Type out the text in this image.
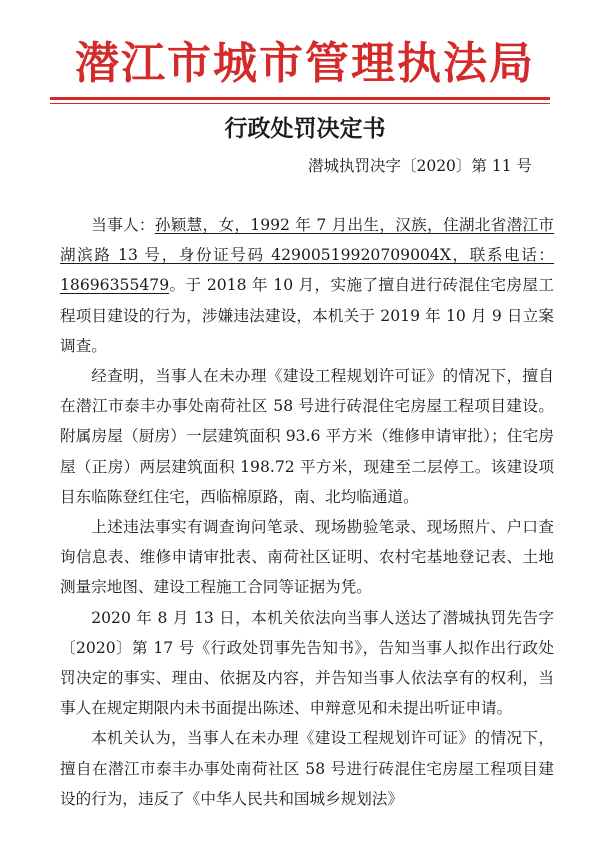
潜江市城市管理执法局
行政处罚决定书
潜城执罚决字〔2020〕第 11 号

当事人：孙颖慧，女，1992 年 7 月出生，汉族，住湖北省潜江市湖滨路 13 号，身份证号码 42900519920709004X，联系电话：18696355479。于 2018 年 10 月，实施了擅自进行砖混住宅房屋工程项目建设的行为，涉嫌违法建设，本机关于 2019 年 10 月 9 日立案调查。

经查明，当事人在未办理《建设工程规划许可证》的情况下，擅自在潜江市泰丰办事处南荷社区 58 号进行砖混住宅房屋工程项目建设。附属房屋（厨房）一层建筑面积 93.6 平方米（维修申请审批）；住宅房屋（正房）两层建筑面积 198.72 平方米，现建至二层停工。该建设项目东临陈登红住宅，西临棉原路，南、北均临通道。

上述违法事实有调查询问笔录、现场勘验笔录、现场照片、户口查询信息表、维修申请审批表、南荷社区证明、农村宅基地登记表、土地测量宗地图、建设工程施工合同等证据为凭。

2020 年 8 月 13 日，本机关依法向当事人送达了潜城执罚先告字〔2020〕第 17 号《行政处罚事先告知书》，告知当事人拟作出行政处罚决定的事实、理由、依据及内容，并告知当事人依法享有的权利，当事人在规定期限内未书面提出陈述、申辩意见和未提出听证申请。

本机关认为，当事人在未办理《建设工程规划许可证》的情况下，擅自在潜江市泰丰办事处南荷社区 58 号进行砖混住宅房屋工程项目建设的行为，违反了《中华人民共和国城乡规划法》
